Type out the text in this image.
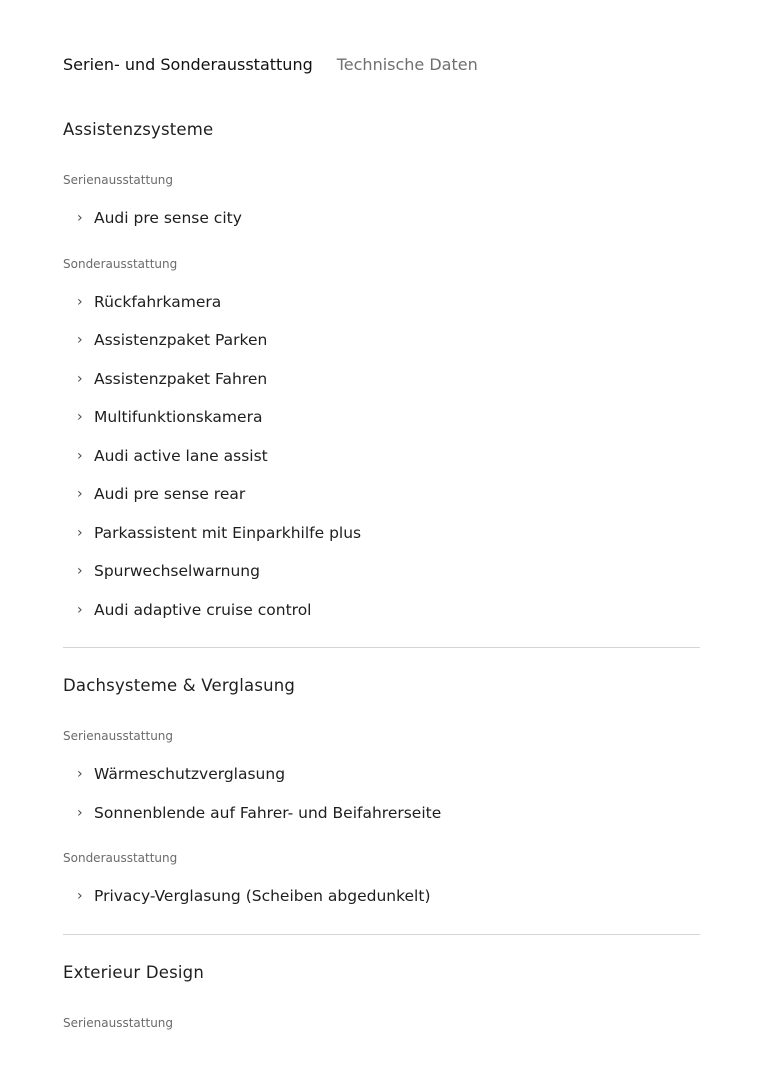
Serien- und Sonderausstattung Technische Daten
Assistenzsysteme
Serienausstattung
› Audi pre sense city
Sonderausstattung
› Rückfahrkamera
› Assistenzpaket Parken
› Assistenzpaket Fahren
› Multifunktionskamera
› Audi active lane assist
› Audi pre sense rear
› Parkassistent mit Einparkhilfe plus
› Spurwechselwarnung
› Audi adaptive cruise control
Dachsysteme & Verglasung
Serienausstattung
› Wärmeschutzverglasung
› Sonnenblende auf Fahrer- und Beifahrerseite
Sonderausstattung
› Privacy-Verglasung (Scheiben abgedunkelt)
Exterieur Design
Serienausstattung
